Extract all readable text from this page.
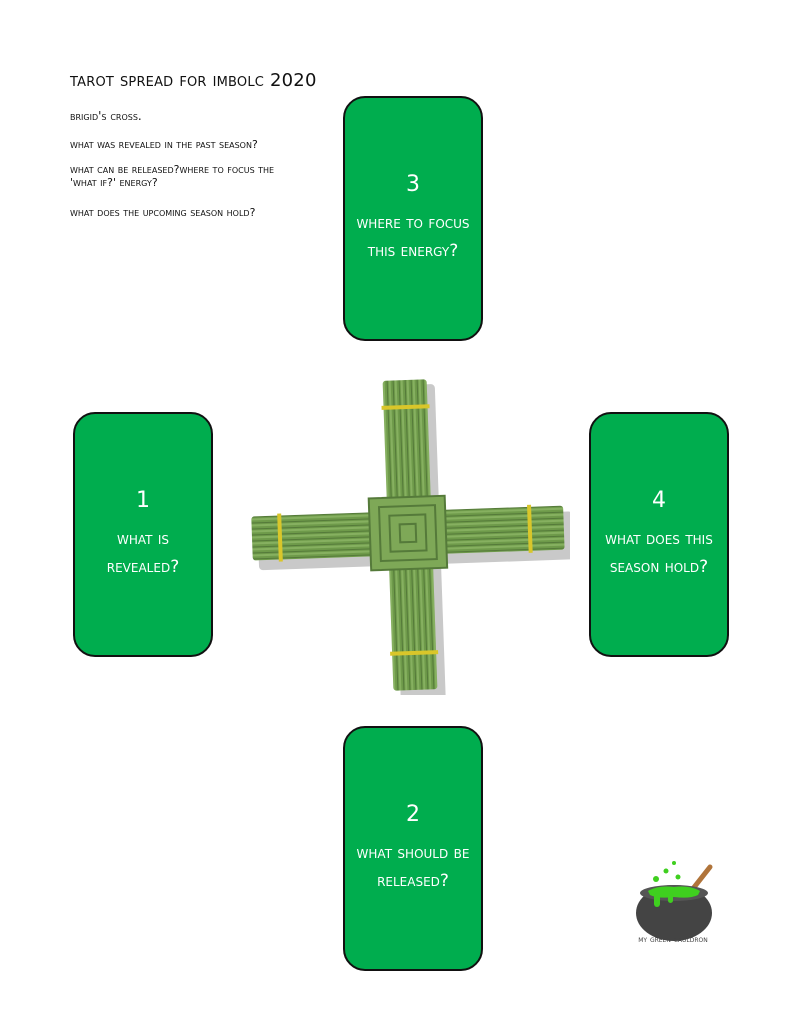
tarot spread for imbolc 2020
brigid's cross.
what was revealed in the past season?
what can be released?where to focus the 'what if?' energy?
what does the upcoming season hold?
3
where to focus
this energy?
1
what is
revealed?
4
what does this
season hold?
2
what should be
released?
my green cauldron
